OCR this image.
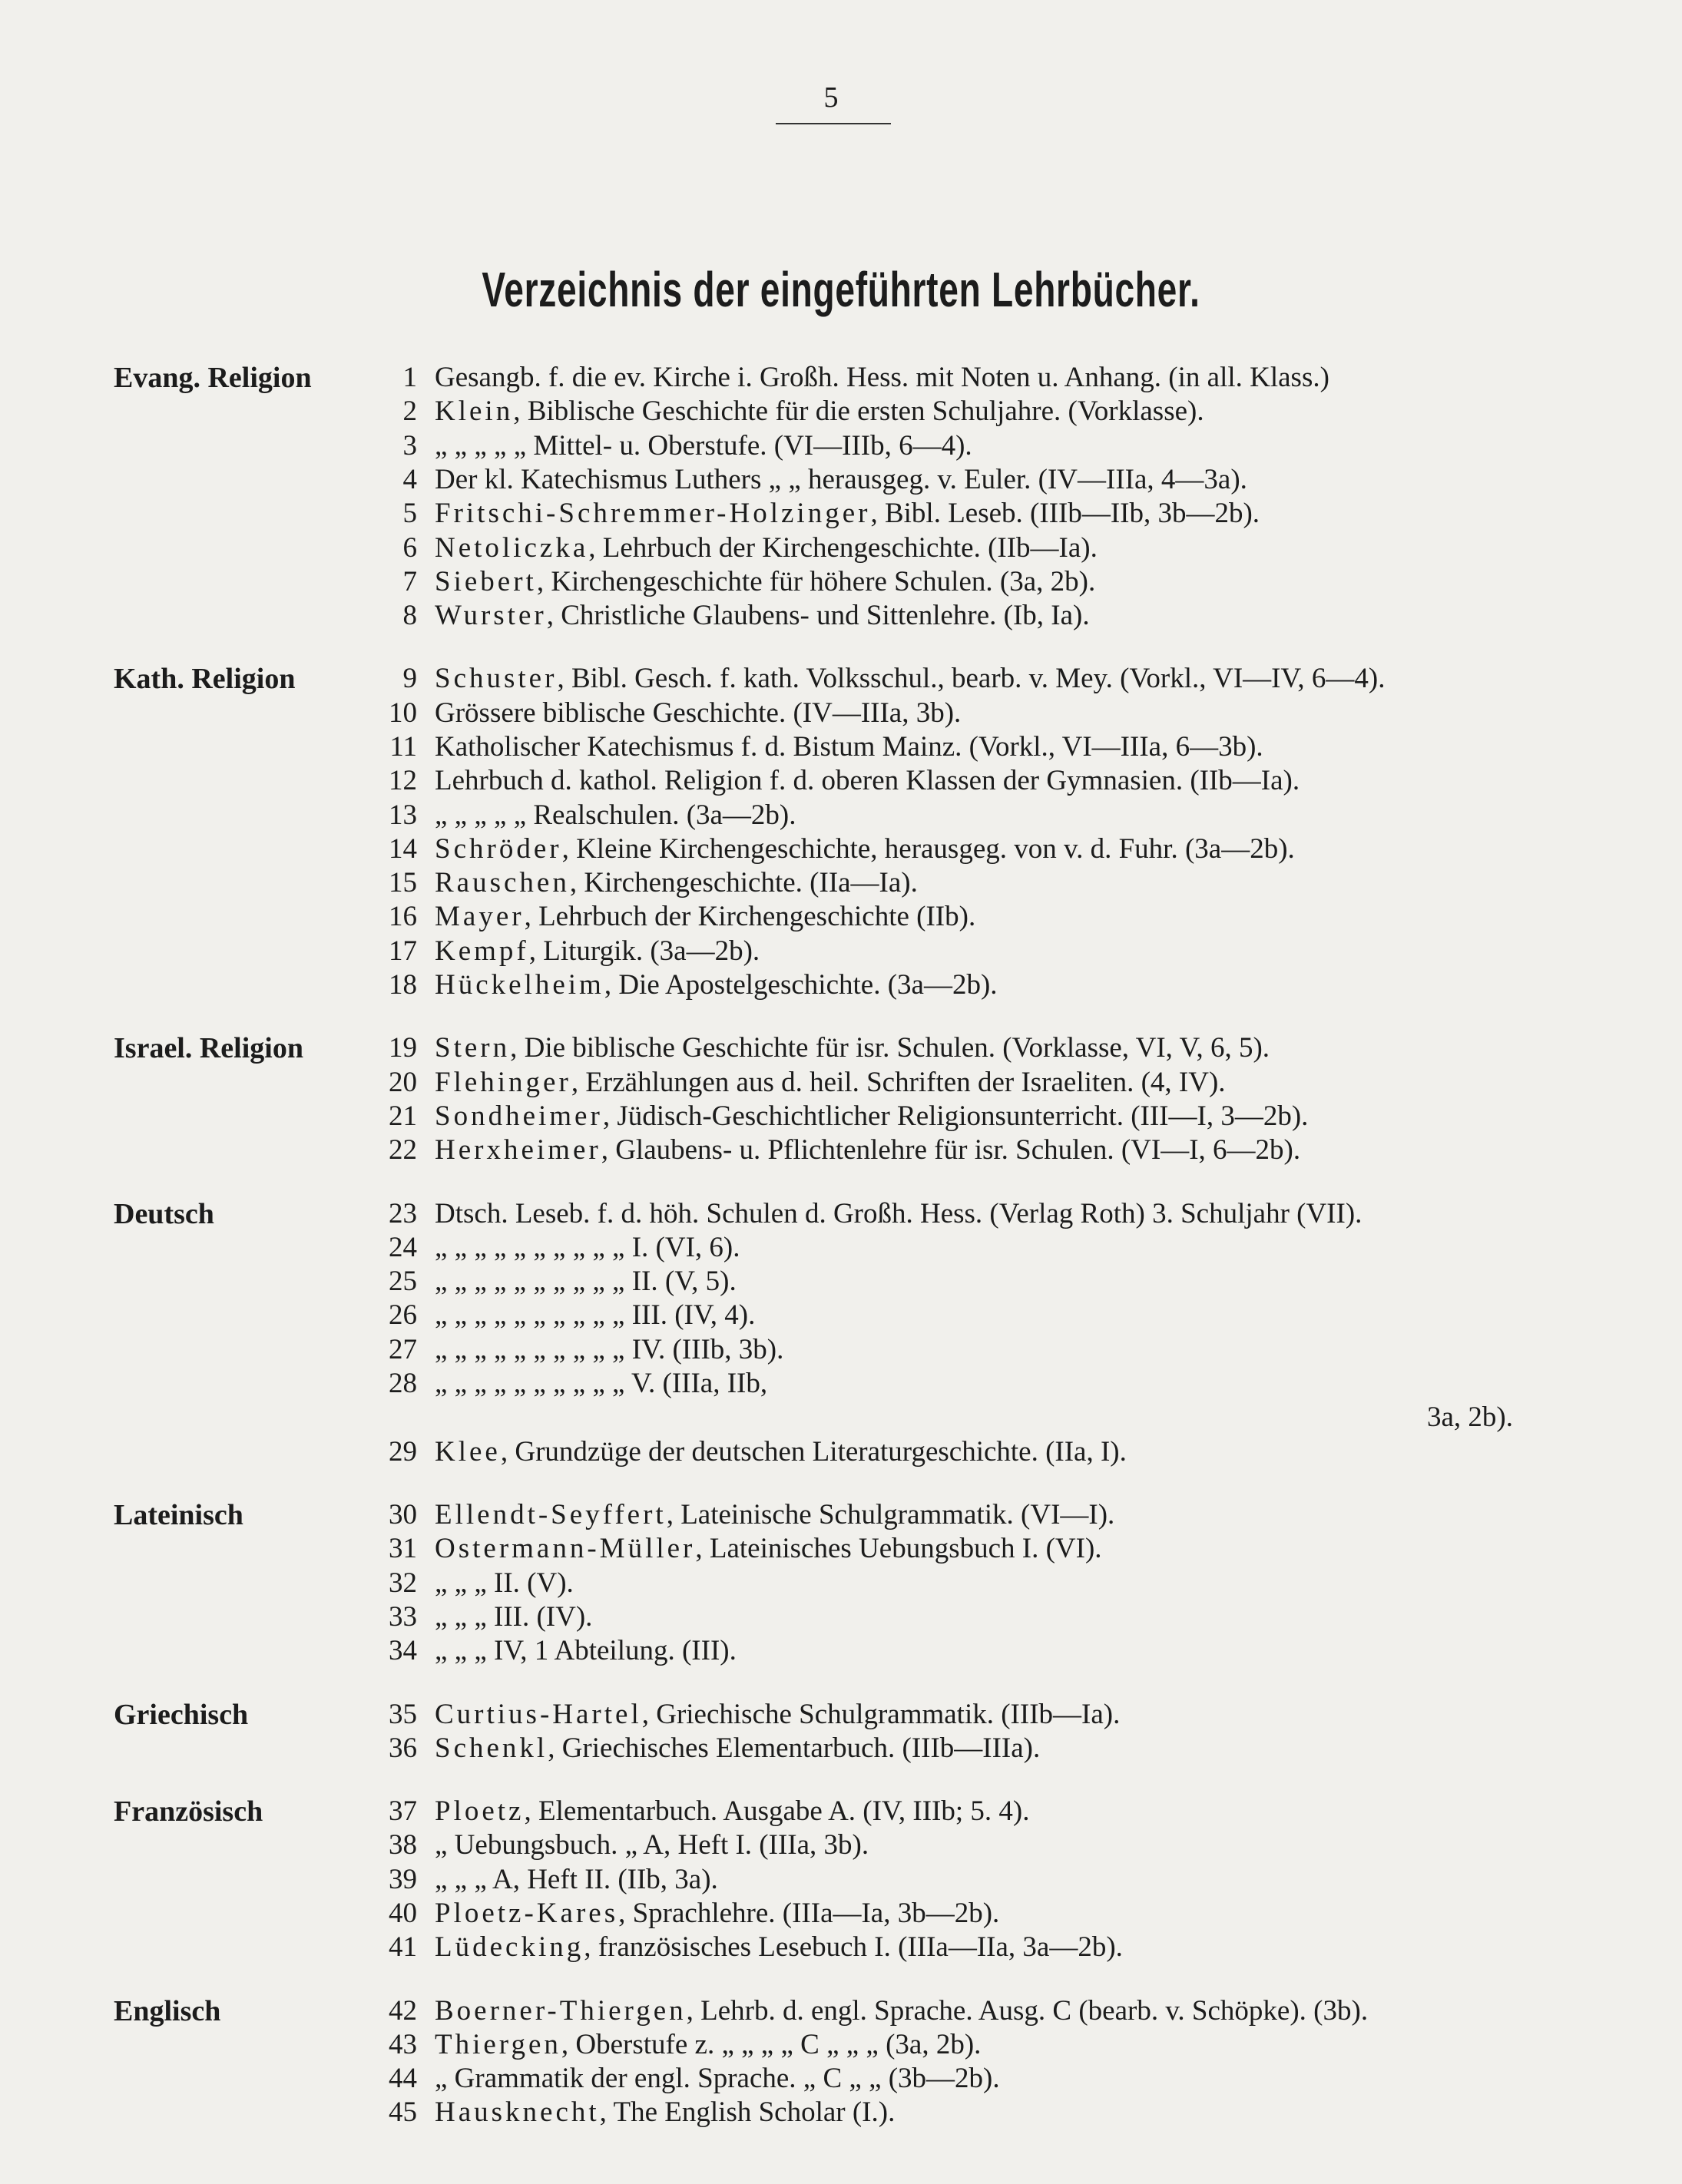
5
Verzeichnis der eingeführten Lehrbücher.
Evang. Religion	1 Gesangb. f. die ev. Kirche i. Großh. Hess. mit Noten u. Anhang. (in all. Klass.)
2 Klein, Biblische Geschichte für die ersten Schuljahre. (Vorklasse).
3 „ „ „ „ „ Mittel- u. Oberstufe. (VI—IIIb, 6—4).
4 Der kl. Katechismus Luthers „ „ herausgeg. v. Euler. (IV—IIIa, 4—3a).
5 Fritschi-Schremmer-Holzinger, Bibl. Leseb. (IIIb—IIb, 3b—2b).
6 Netoliczka, Lehrbuch der Kirchengeschichte. (IIb—Ia).
7 Siebert, Kirchengeschichte für höhere Schulen. (3a, 2b).
8 Wurster, Christliche Glaubens- und Sittenlehre. (Ib, Ia).
Kath. Religion	9 Schuster, Bibl. Gesch. f. kath. Volksschul., bearb. v. Mey. (Vorkl., VI—IV, 6—4).
10 Grössere biblische Geschichte. (IV—IIIa, 3b).
11 Katholischer Katechismus f. d. Bistum Mainz. (Vorkl., VI—IIIa, 6—3b).
12 Lehrbuch d. kathol. Religion f. d. oberen Klassen der Gymnasien. (IIb—Ia).
13 „ „ „ „ „ Realschulen. (3a—2b).
14 Schröder, Kleine Kirchengeschichte, herausgeg. von v. d. Fuhr. (3a—2b).
15 Rauschen, Kirchengeschichte. (IIa—Ia).
16 Mayer, Lehrbuch der Kirchengeschichte (IIb).
17 Kempf, Liturgik. (3a—2b).
18 Hückelheim, Die Apostelgeschichte. (3a—2b).
Israel. Religion	19 Stern, Die biblische Geschichte für isr. Schulen. (Vorklasse, VI, V, 6, 5).
20 Flehinger, Erzählungen aus d. heil. Schriften der Israeliten. (4, IV).
21 Sondheimer, Jüdisch-Geschichtlicher Religionsunterricht. (III—I, 3—2b).
22 Herxheimer, Glaubens- u. Pflichtenlehre für isr. Schulen. (VI—I, 6—2b).
Deutsch	23 Dtsch. Leseb. f. d. höh. Schulen d. Großh. Hess. (Verlag Roth) 3. Schuljahr (VII).
24 „ „ „ „ „ „ „ „ „ „ I. (VI, 6).
25 „ „ „ „ „ „ „ „ „ „ II. (V, 5).
26 „ „ „ „ „ „ „ „ „ „ III. (IV, 4).
27 „ „ „ „ „ „ „ „ „ „ IV. (IIIb, 3b).
28 „ „ „ „ „ „ „ „ „ „ V. (IIIa, IIb,
3a, 2b).
29 Klee, Grundzüge der deutschen Literaturgeschichte. (IIa, I).
Lateinisch	30 Ellendt-Seyffert, Lateinische Schulgrammatik. (VI—I).
31 Ostermann-Müller, Lateinisches Uebungsbuch I. (VI).
32 „ „ „ II. (V).
33 „ „ „ III. (IV).
34 „ „ „ IV, 1 Abteilung. (III).
Griechisch	35 Curtius-Hartel, Griechische Schulgrammatik. (IIIb—Ia).
36 Schenkl, Griechisches Elementarbuch. (IIIb—IIIa).
Französisch	37 Ploetz, Elementarbuch. Ausgabe A. (IV, IIIb; 5. 4).
38 „ Uebungsbuch. „ A, Heft I. (IIIa, 3b).
39 „ „ „ A, Heft II. (IIb, 3a).
40 Ploetz-Kares, Sprachlehre. (IIIa—Ia, 3b—2b).
41 Lüdecking, französisches Lesebuch I. (IIIa—IIa, 3a—2b).
Englisch	42 Boerner-Thiergen, Lehrb. d. engl. Sprache. Ausg. C (bearb. v. Schöpke). (3b).
43 Thiergen, Oberstufe z. „ „ „ „ C „ „ „ (3a, 2b).
44 „ Grammatik der engl. Sprache. „ C „ „ (3b—2b).
45 Hausknecht, The English Scholar (I.).
